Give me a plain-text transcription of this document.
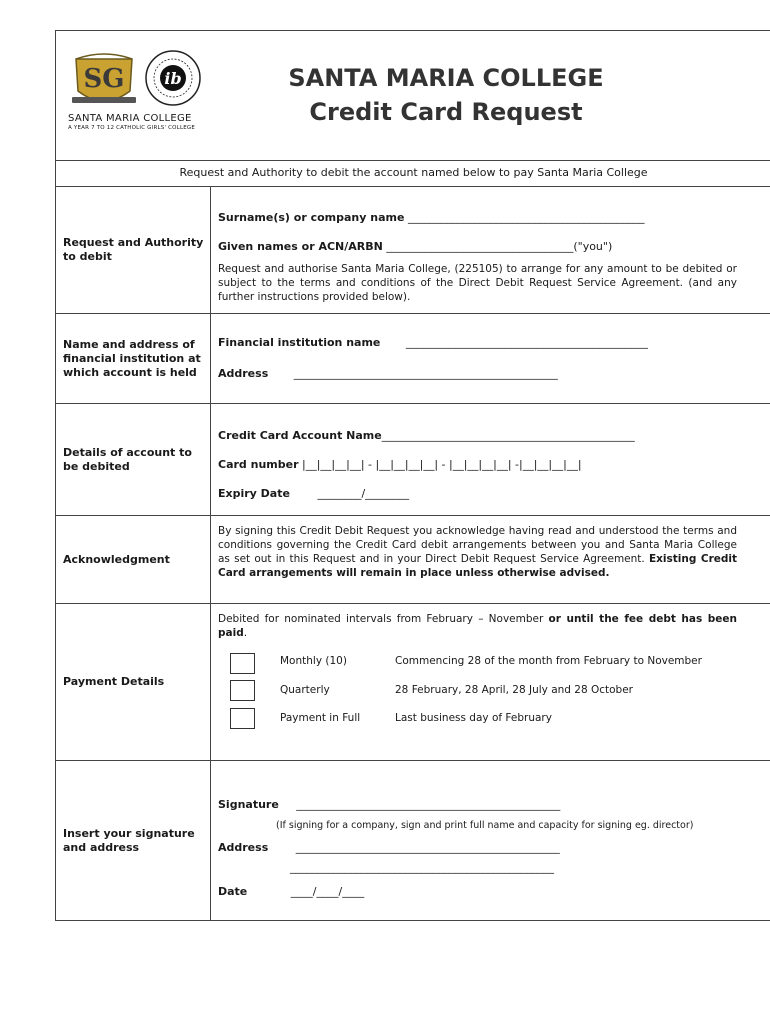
SG ib
SANTA MARIA COLLEGE
A YEAR 7 TO 12 CATHOLIC GIRLS' COLLEGE
SANTA MARIA COLLEGE
Credit Card Request
Request and Authority to debit the account named below to pay Santa Maria College
Request and Authority to debit
Surname(s) or company name ___________________________________________
Given names or ACN/ARBN __________________________________("you")
Request and authorise Santa Maria College, (225105) to arrange for any amount to be debited or subject to the terms and conditions of the Direct Debit Request Service Agreement. (and any further instructions provided below).
Name and address of financial institution at which account is held
Financial institution name ____________________________________________
Address ________________________________________________
Details of account to be debited
Credit Card Account Name______________________________________________
Card number |__|__|__|__| - |__|__|__|__| - |__|__|__|__| -|__|__|__|__|
Expiry Date	________/________
Acknowledgment
By signing this Credit Debit Request you acknowledge having read and understood the terms and conditions governing the Credit Card debit arrangements between you and Santa Maria College as set out in this Request and in your Direct Debit Request Service Agreement. Existing Credit Card arrangements will remain in place unless otherwise advised.
Payment Details
Debited for nominated intervals from February – November or until the fee debt has been paid.
Monthly (10)	Commencing 28 of the month from February to November
Quarterly	28 February, 28 April, 28 July and 28 October
Payment in Full	Last business day of February
Insert your signature and address
Signature ________________________________________________
(If signing for a company, sign and print full name and capacity for signing eg. director)
Address	________________________________________________
________________________________________________
Date	____/____/____
